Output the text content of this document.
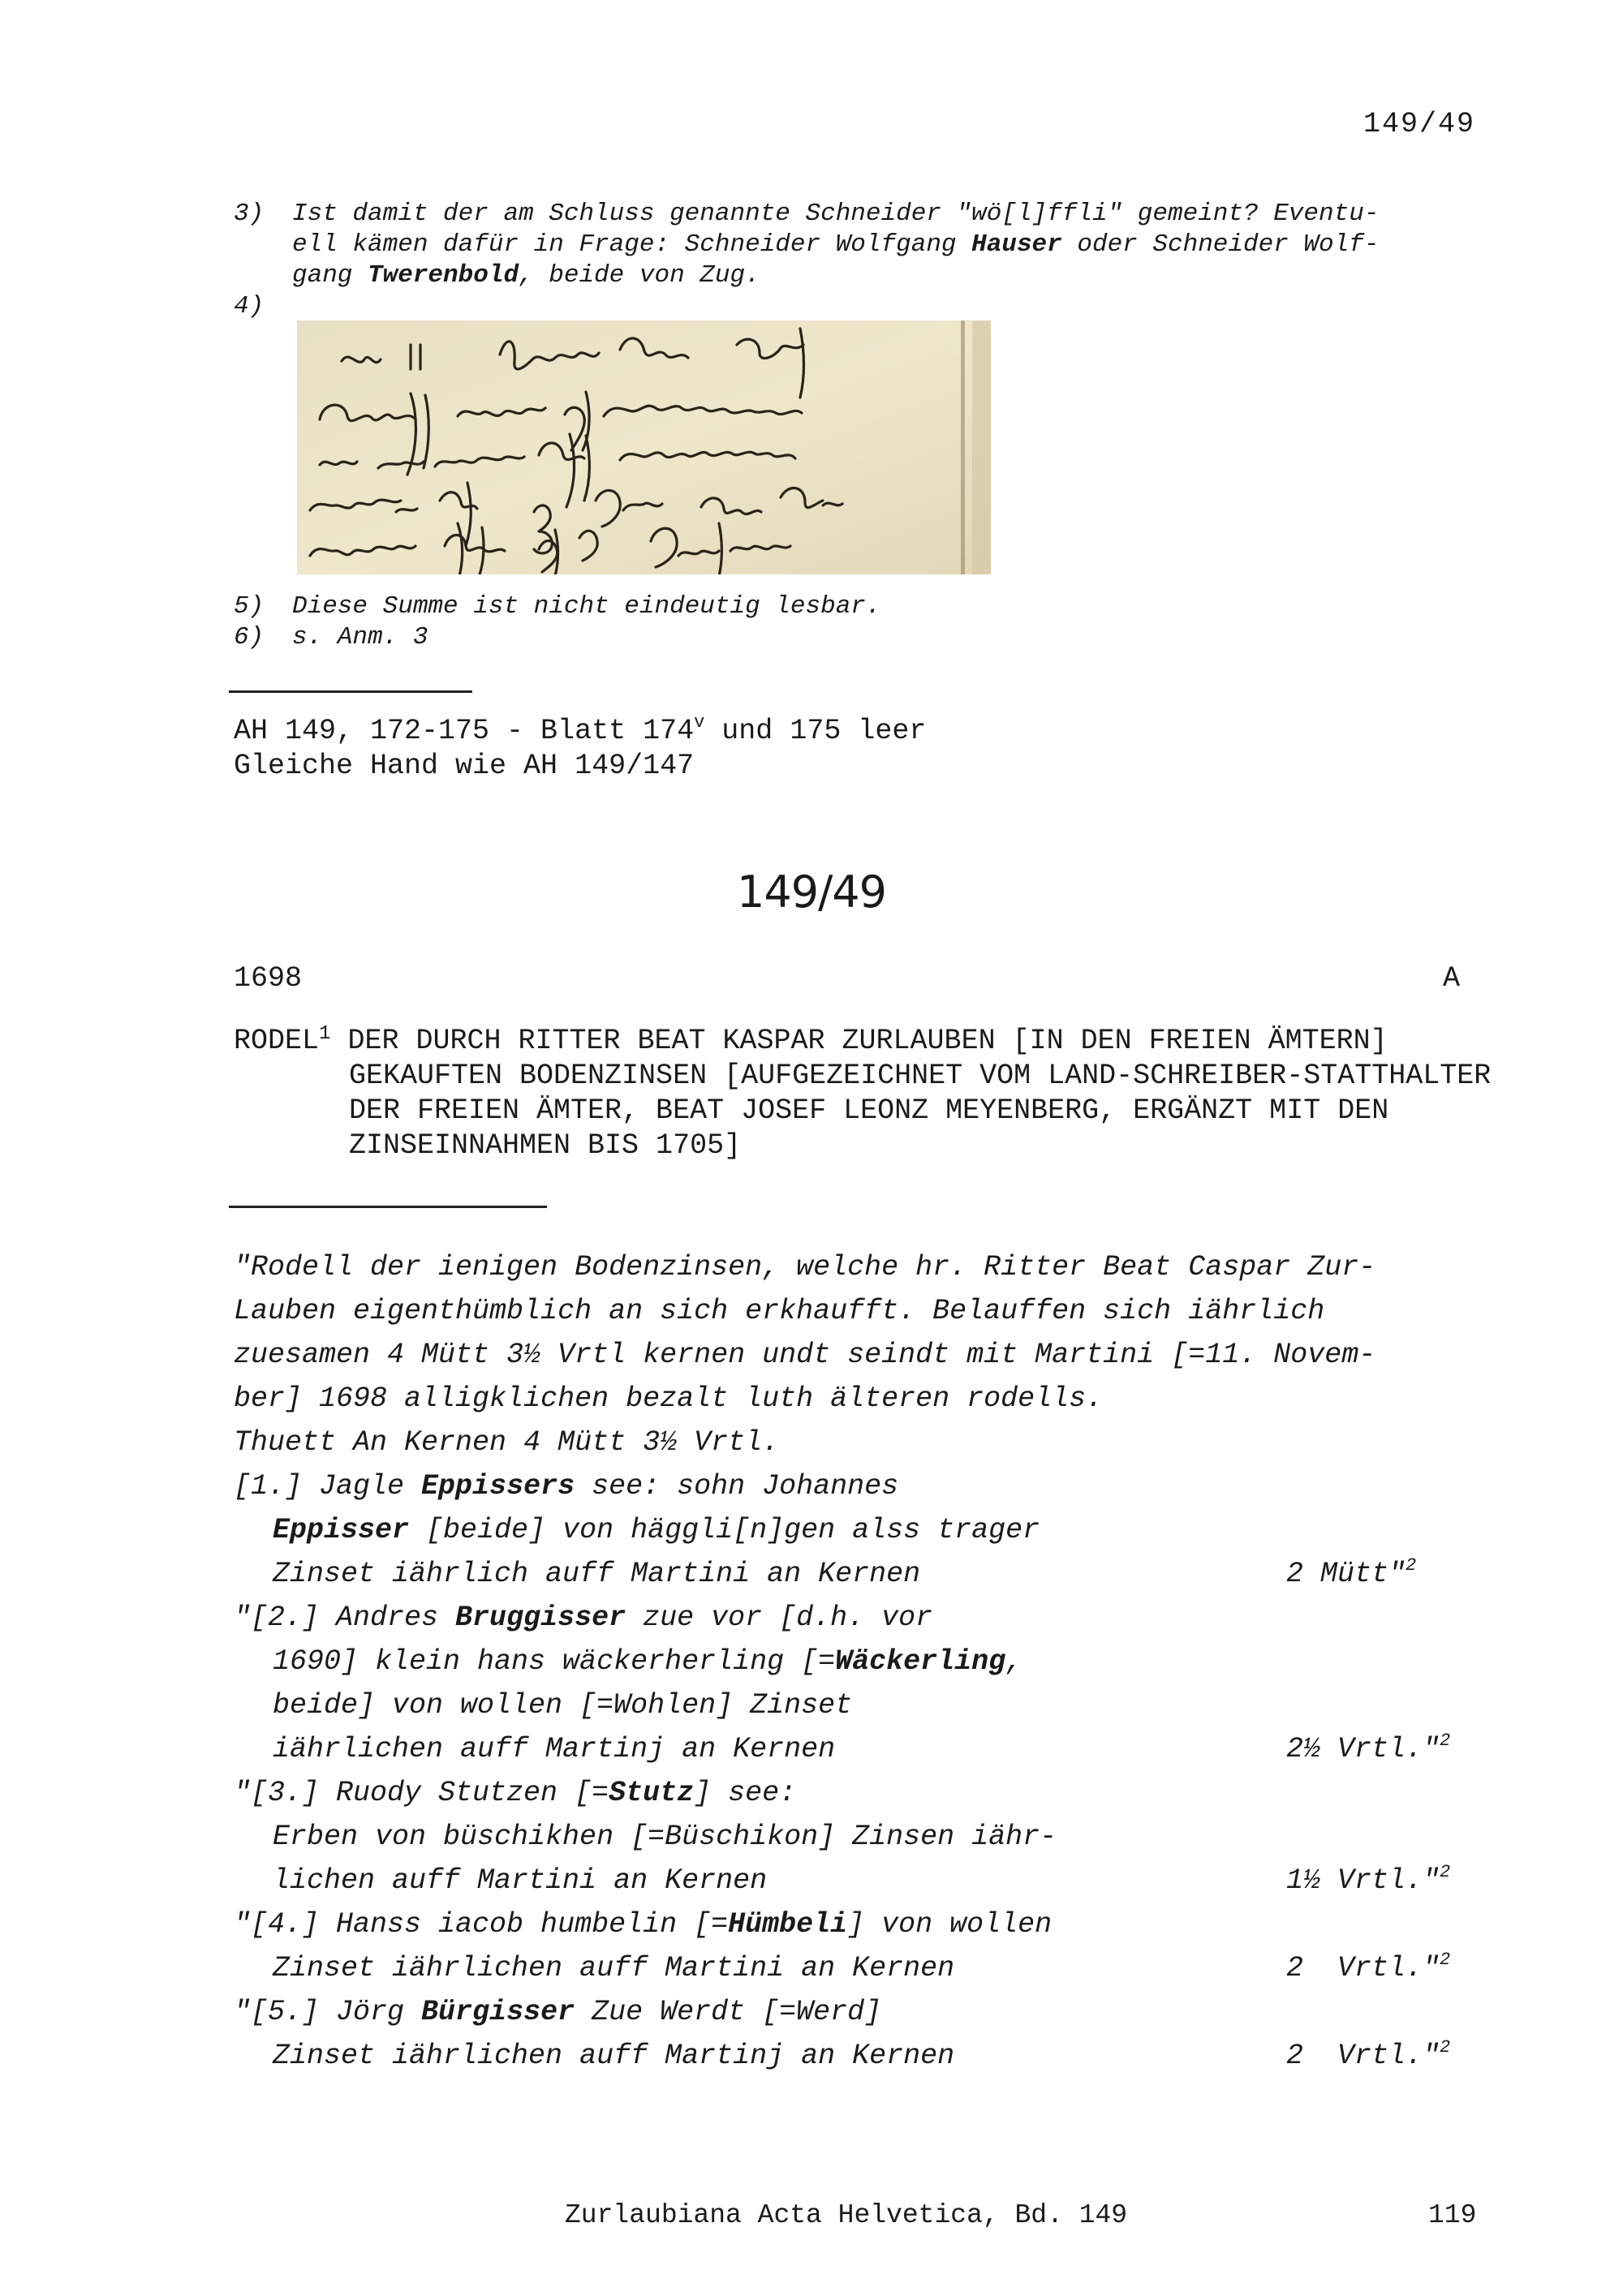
149/49
3)	Ist damit der am Schluss genannte Schneider "wö[l]ffli" gemeint? Eventu-
ell kämen dafür in Frage: Schneider Wolfgang Hauser oder Schneider Wolf-
gang Twerenbold, beide von Zug.
4)
5)	Diese Summe ist nicht eindeutig lesbar.
6)	s. Anm. 3
AH 149, 172-175 - Blatt 174$^v$ und 175 leer
Gleiche Hand wie AH 149/147
149/49
1698	A
RODEL$^1$ DER DURCH RITTER BEAT KASPAR ZURLAUBEN [IN DEN FREIEN ÄMTERN] GEKAUFTEN BODENZINSEN [AUFGEZEICHNET VOM LAND-SCHREIBER-STATTHALTER DER FREIEN ÄMTER, BEAT JOSEF LEONZ MEYENBERG, ERGÄNZT MIT DEN ZINSEINNAHMEN BIS 1705]
"Rodell der ienigen Bodenzinsen, welche hr. Ritter Beat Caspar Zur-
Lauben eigenthümblich an sich erkhaufft. Belauffen sich iährlich
zuesamen 4 Mütt 3½ Vrtl kernen undt seindt mit Martini [=11. Novem-
ber] 1698 alligklichen bezalt luth älteren rodells.
Thuett An Kernen 4 Mütt 3½ Vrtl.
[1.] Jagle Eppissers see: sohn Johannes
Eppisser [beide] von häggli[n]gen alss trager
Zinset iährlich auff Martini an Kernen	2 Mütt"$^2$
"[2.] Andres Bruggisser zue vor [d.h. vor
1690] klein hans wäckerherling [=Wäckerling,
beide] von wollen [=Wohlen] Zinset
iährlichen auff Martinj an Kernen	2½ Vrtl."$^2$
"[3.] Ruody Stutzen [=Stutz] see:
Erben von büschikhen [=Büschikon] Zinsen iähr-
lichen auff Martini an Kernen	1½ Vrtl."$^2$
"[4.] Hanss iacob humbelin [=Hümbeli] von wollen
Zinset iährlichen auff Martini an Kernen	2  Vrtl."$^2$
"[5.] Jörg Bürgisser Zue Werdt [=Werd]
Zinset iährlichen auff Martinj an Kernen	2  Vrtl."$^2$
Zurlaubiana Acta Helvetica, Bd. 149	119
